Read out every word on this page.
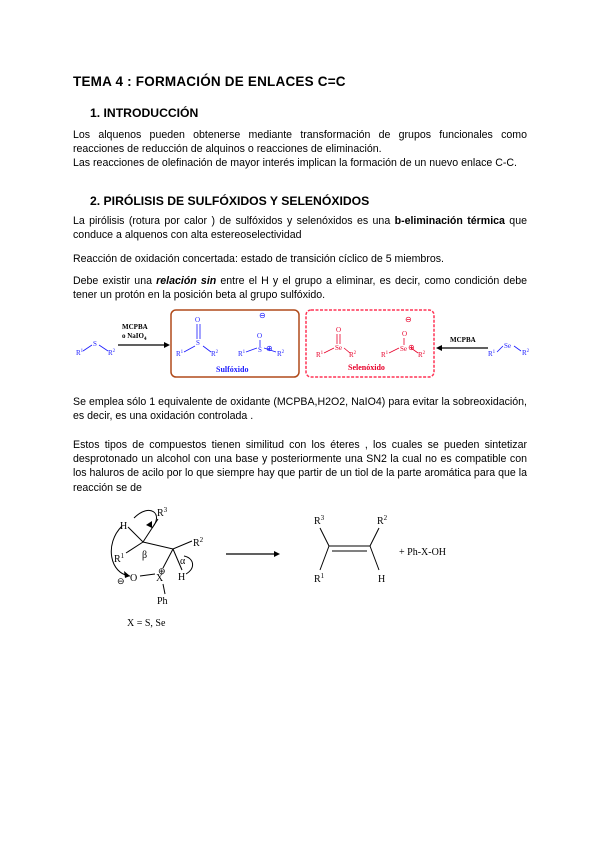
TEMA 4 : FORMACIÓN DE ENLACES C=C
1. INTRODUCCIÓN
Los alquenos pueden obtenerse mediante transformación de grupos funcionales como reacciones de reducción de alquinos o reacciones de eliminación.
Las reacciones de olefinación de mayor interés implican la formación de un nuevo enlace C-C.
2. PIRÓLISIS DE SULFÓXIDOS Y SELENÓXIDOS
La pirólisis (rotura por calor ) de sulfóxidos y selenóxidos es una b-eliminación térmica que conduce a alquenos con alta estereoselectividad
Reacción de oxidación concertada: estado de transición cíclico de 5 miembros.
Debe existir una relación sin entre el H y el grupo a eliminar, es decir, como condición debe tener un protón en la posición beta al grupo sulfóxido.
$R^1$
S
$R^2$
MCPBA
o NaIO$_4$
O
S
$R^1$	$R^2$
⊖
O
S ⊕
$R^1$	$R^2$
Sulfóxido
O
Se
$R^1$	$R^2$
⊖
O
Se ⊕
$R^1$	$R^2$
Selenóxido
MCPBA
$R^1$
Se
$R^2$
Se emplea sólo 1 equivalente de oxidante (MCPBA,H2O2, NaIO4) para evitar la sobreoxidación, es decir, es una oxidación controlada .
Estos tipos de compuestos tienen similitud con los éteres , los cuales se pueden sintetizar desprotonado un alcohol con una base y posteriormente una SN2 la cual no es compatible con los haluros de acilo por lo que siempre hay que partir de un tiol de la parte aromática para que la reacción se de
H
$R^3$
$R^1$ β
$R^2$
α
H
O
⊖
⊕
X
Ph
X = S, Se
$R^3$	$R^2$
$R^1$	H
+ Ph-X-OH
